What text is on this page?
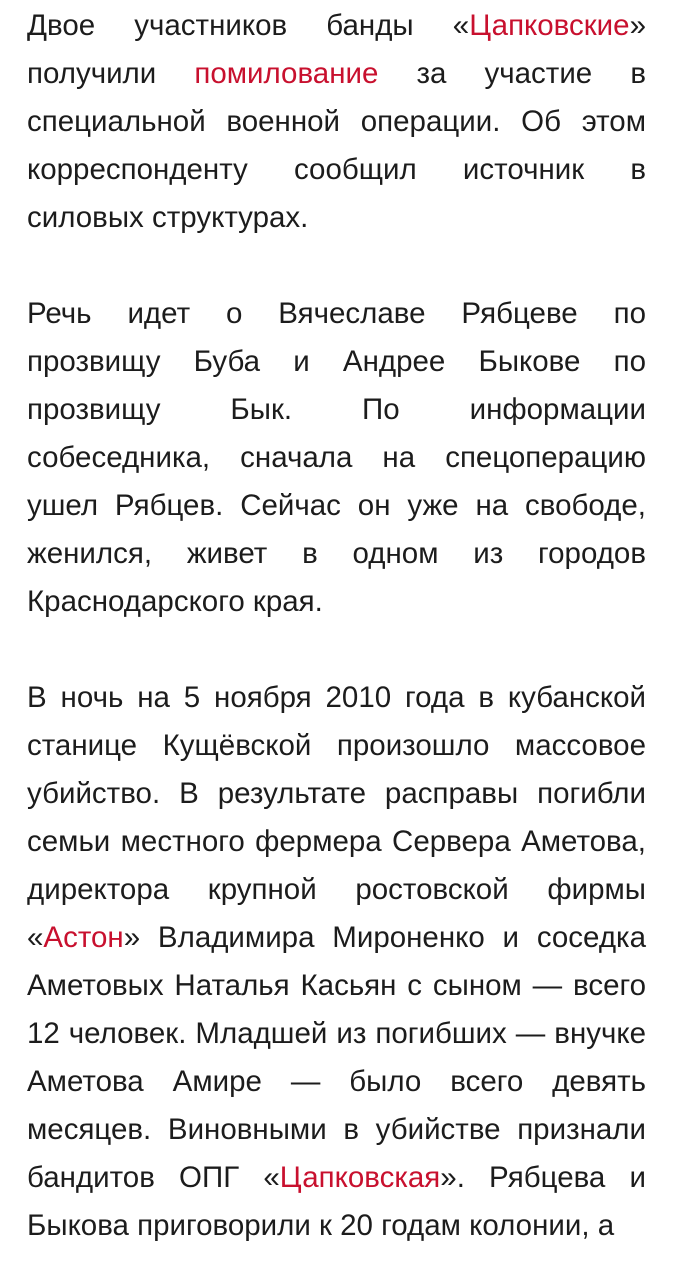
Двое участников банды «Цапковские» получили помилование за участие в специальной военной операции. Об этом корреспонденту сообщил источник в силовых структурах.

Речь идет о Вячеславе Рябцеве по прозвищу Буба и Андрее Быкове по прозвищу Бык. По информации собеседника, сначала на спецоперацию ушел Рябцев. Сейчас он уже на свободе, женился, живет в одном из городов Краснодарского края.

В ночь на 5 ноября 2010 года в кубанской станице Кущёвской произошло массовое убийство. В результате расправы погибли семьи местного фермера Сервера Аметова, директора крупной ростовской фирмы «Астон» Владимира Мироненко и соседка Аметовых Наталья Касьян с сыном — всего 12 человек. Младшей из погибших — внучке Аметова Амире — было всего девять месяцев. Виновными в убийстве признали бандитов ОПГ «Цапковская». Рябцева и Быкова приговорили к 20 годам колонии, а
